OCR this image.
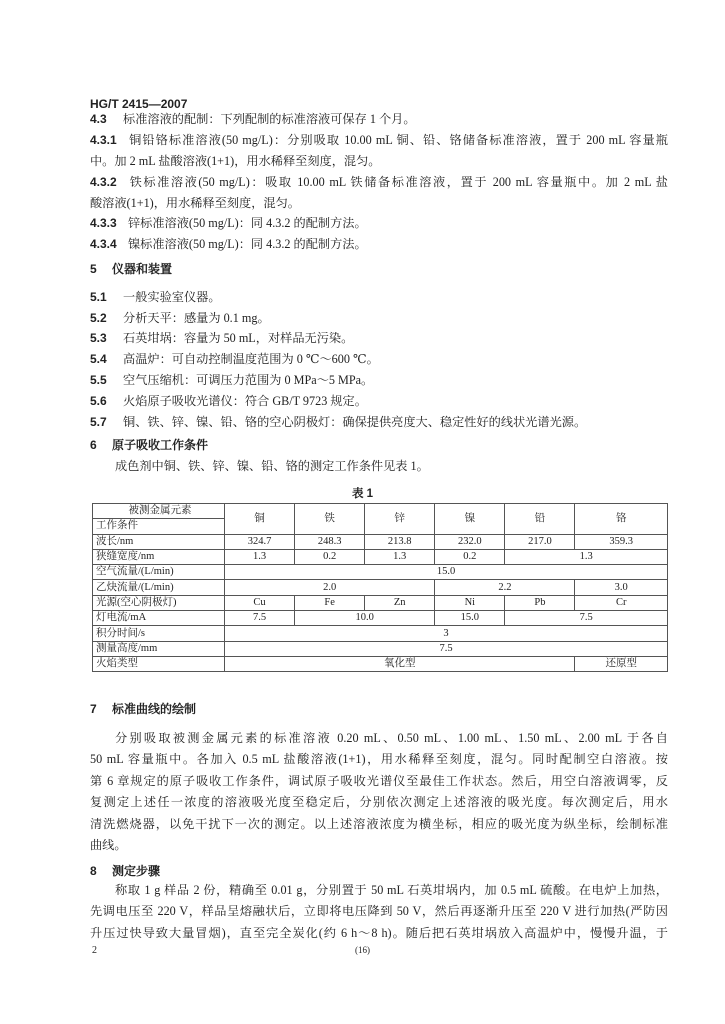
HG/T 2415—2007
4.3 标准溶液的配制：下列配制的标准溶液可保存 1 个月。
4.3.1 铜铅铬标准溶液(50 mg/L)：分别吸取 10.00 mL 铜、铅、铬储备标准溶液，置于 200 mL 容量瓶
中。加 2 mL 盐酸溶液(1+1)，用水稀释至刻度，混匀。
4.3.2 铁标准溶液(50 mg/L)：吸取 10.00 mL 铁储备标准溶液，置于 200 mL 容量瓶中。加 2 mL 盐
酸溶液(1+1)，用水稀释至刻度，混匀。
4.3.3 锌标准溶液(50 mg/L)：同 4.3.2 的配制方法。
4.3.4 镍标准溶液(50 mg/L)：同 4.3.2 的配制方法。
5 仪器和装置
5.1 一般实验室仪器。
5.2 分析天平：感量为 0.1 mg。
5.3 石英坩埚：容量为 50 mL，对样品无污染。
5.4 高温炉：可自动控制温度范围为 0 ℃～600 ℃。
5.5 空气压缩机：可调压力范围为 0 MPa～5 MPa。
5.6 火焰原子吸收光谱仪：符合 GB/T 9723 规定。
5.7 铜、铁、锌、镍、铅、铬的空心阴极灯：确保提供亮度大、稳定性好的线状光谱光源。
6 原子吸收工作条件
成色剂中铜、铁、锌、镍、铅、铬的测定工作条件见表 1。
表 1
被测金属元素	铜	铁	锌	镍	铅	铬
工作条件						
波长/nm	324.7	248.3	213.8	232.0	217.0	359.3
狭缝宽度/nm	1.3	0.2	1.3	0.2	1.3	
空气流量/(L/min)	15.0					
乙炔流量/(L/min)	2.0			2.2		3.0
光源(空心阴极灯)	Cu	Fe	Zn	Ni	Pb	Cr
灯电流/mA	7.5	10.0		15.0	7.5	
积分时间/s	3					
测量高度/mm	7.5					
火焰类型	氧化型					还原型
7 标准曲线的绘制
分别吸取被测金属元素的标准溶液 0.20 mL、0.50 mL、1.00 mL、1.50 mL、2.00 mL 于各自
50 mL 容量瓶中。各加入 0.5 mL 盐酸溶液(1+1)，用水稀释至刻度，混匀。同时配制空白溶液。按
第 6 章规定的原子吸收工作条件，调试原子吸收光谱仪至最佳工作状态。然后，用空白溶液调零，反
复测定上述任一浓度的溶液吸光度至稳定后，分别依次测定上述溶液的吸光度。每次测定后，用水
清洗燃烧器，以免干扰下一次的测定。以上述溶液浓度为横坐标，相应的吸光度为纵坐标，绘制标准
曲线。
8 测定步骤
称取 1 g 样品 2 份，精确至 0.01 g，分别置于 50 mL 石英坩埚内，加 0.5 mL 硫酸。在电炉上加热，
先调电压至 220 V，样品呈熔融状后，立即将电压降到 50 V，然后再逐渐升压至 220 V 进行加热(严防因
升压过快导致大量冒烟)，直至完全炭化(约 6 h～8 h)。随后把石英坩埚放入高温炉中，慢慢升温，于
2	(16)
